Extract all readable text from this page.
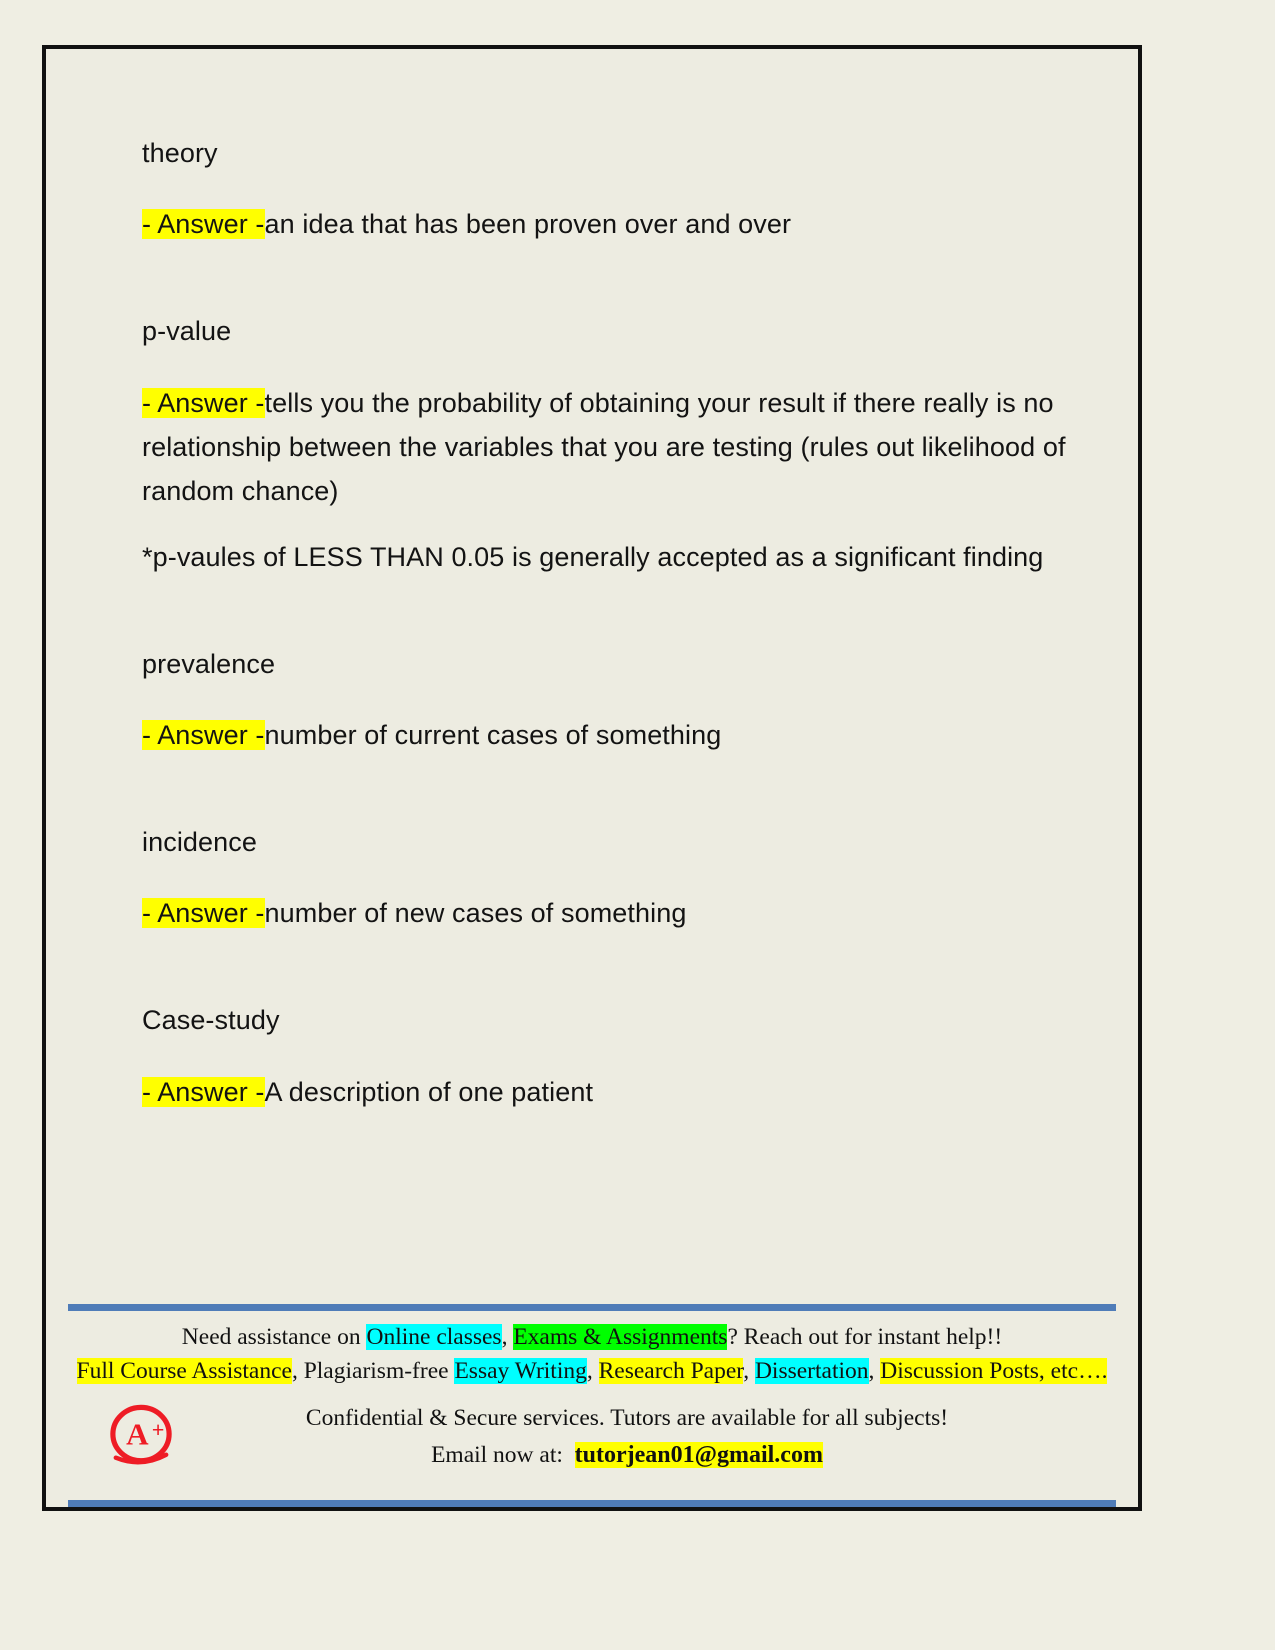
theory

- Answer -an idea that has been proven over and over

p-value

- Answer -tells you the probability of obtaining your result if there really is no relationship between the variables that you are testing (rules out likelihood of random chance)

*p-vaules of LESS THAN 0.05 is generally accepted as a significant finding

prevalence

- Answer -number of current cases of something

incidence

- Answer -number of new cases of something

Case-study

- Answer -A description of one patient

Need assistance on Online classes, Exams & Assignments? Reach out for instant help!!
Full Course Assistance, Plagiarism-free Essay Writing, Research Paper, Dissertation, Discussion Posts, etc….
A +	Confidential & Secure services. Tutors are available for all subjects!
Email now at: tutorjean01@gmail.com
